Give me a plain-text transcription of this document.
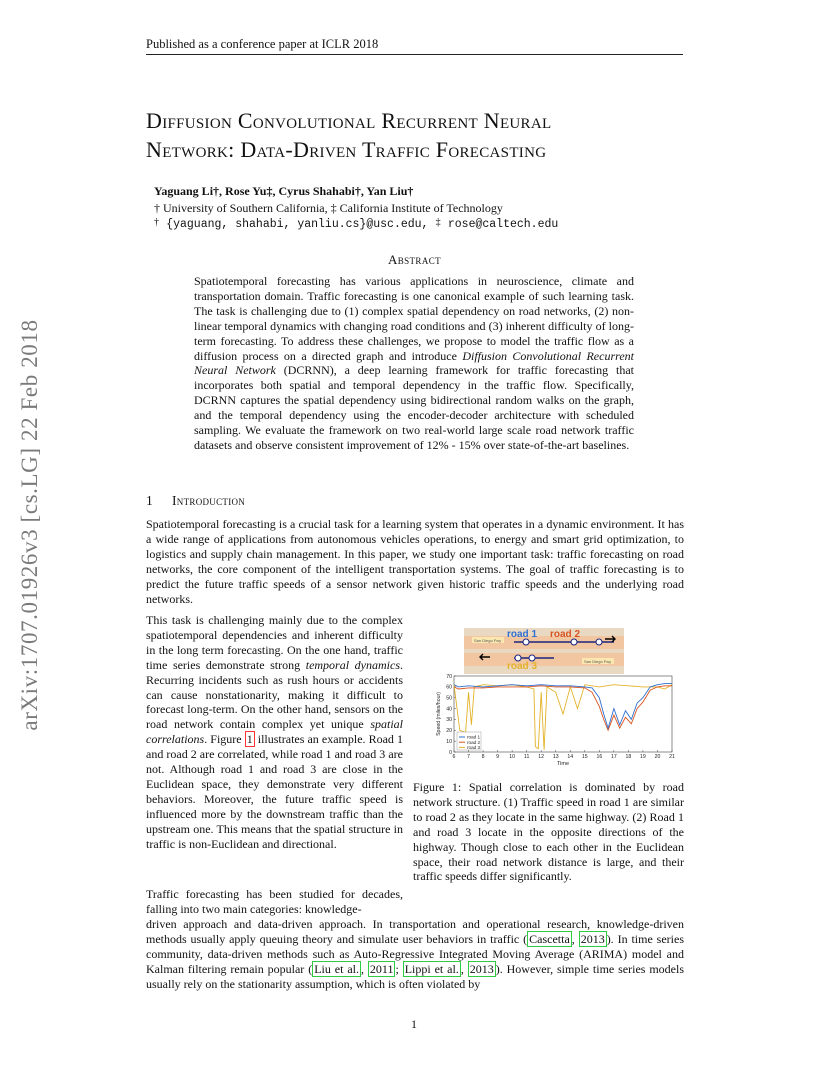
Published as a conference paper at ICLR 2018
arXiv:1707.01926v3 [cs.LG] 22 Feb 2018
Diffusion Convolutional Recurrent Neural
Network: Data-Driven Traffic Forecasting
Yaguang Li†, Rose Yu‡, Cyrus Shahabi†, Yan Liu†
† University of Southern California, ‡ California Institute of Technology
† {yaguang, shahabi, yanliu.cs}@usc.edu, ‡ rose@caltech.edu
Abstract
Spatiotemporal forecasting has various applications in neuroscience, climate and transportation domain. Traffic forecasting is one canonical example of such learning task. The task is challenging due to (1) complex spatial dependency on road networks, (2) non-linear temporal dynamics with changing road conditions and (3) inherent difficulty of long-term forecasting. To address these challenges, we propose to model the traffic flow as a diffusion process on a directed graph and introduce Diffusion Convolutional Recurrent Neural Network (DCRNN), a deep learning framework for traffic forecasting that incorporates both spatial and temporal dependency in the traffic flow. Specifically, DCRNN captures the spatial dependency using bidirectional random walks on the graph, and the temporal dependency using the encoder-decoder architecture with scheduled sampling. We evaluate the framework on two real-world large scale road network traffic datasets and observe consistent improvement of 12% - 15% over state-of-the-art baselines.
1 Introduction
Spatiotemporal forecasting is a crucial task for a learning system that operates in a dynamic environment. It has a wide range of applications from autonomous vehicles operations, to energy and smart grid optimization, to logistics and supply chain management. In this paper, we study one important task: traffic forecasting on road networks, the core component of the intelligent transportation systems. The goal of traffic forecasting is to predict the future traffic speeds of a sensor network given historic traffic speeds and the underlying road networks.
This task is challenging mainly due to the complex spatiotemporal dependencies and inherent difficulty in the long term forecasting. On the one hand, traffic time series demonstrate strong temporal dynamics. Recurring incidents such as rush hours or accidents can cause nonstationarity, making it difficult to forecast long-term. On the other hand, sensors on the road network contain complex yet unique spatial correlations. Figure 1 illustrates an example. Road 1 and road 2 are correlated, while road 1 and road 3 are not. Although road 1 and road 3 are close in the Euclidean space, they demonstrate very different behaviors. Moreover, the future traffic speed is influenced more by the downstream traffic than the upstream one. This means that the spatial structure in traffic is non-Euclidean and directional.
San Diego Fwy
San Diego Fwy
road 1 road 2
road 3
6 7 8 9 10 11 12 13 14 15 16 17 18 19 20 21
0
10
20
30
40
50
60
70
Time
Speed (miles/hour)
road 1
road 2
road 3
Figure 1: Spatial correlation is dominated by road network structure. (1) Traffic speed in road 1 are similar to road 2 as they locate in the same highway. (2) Road 1 and road 3 locate in the opposite directions of the highway. Though close to each other in the Euclidean space, their road network distance is large, and their traffic speeds differ significantly.
Traffic forecasting has been studied for decades, falling into two main categories: knowledge-
driven approach and data-driven approach. In transportation and operational research, knowledge-driven methods usually apply queuing theory and simulate user behaviors in traffic ( Cascetta , 2013 ). In time series community, data-driven methods such as Auto-Regressive Integrated Moving Average (ARIMA) model and Kalman filtering remain popular ( Liu et al. , 2011 ; Lippi et al. , 2013 ). However, simple time series models usually rely on the stationarity assumption, which is often violated by
1
